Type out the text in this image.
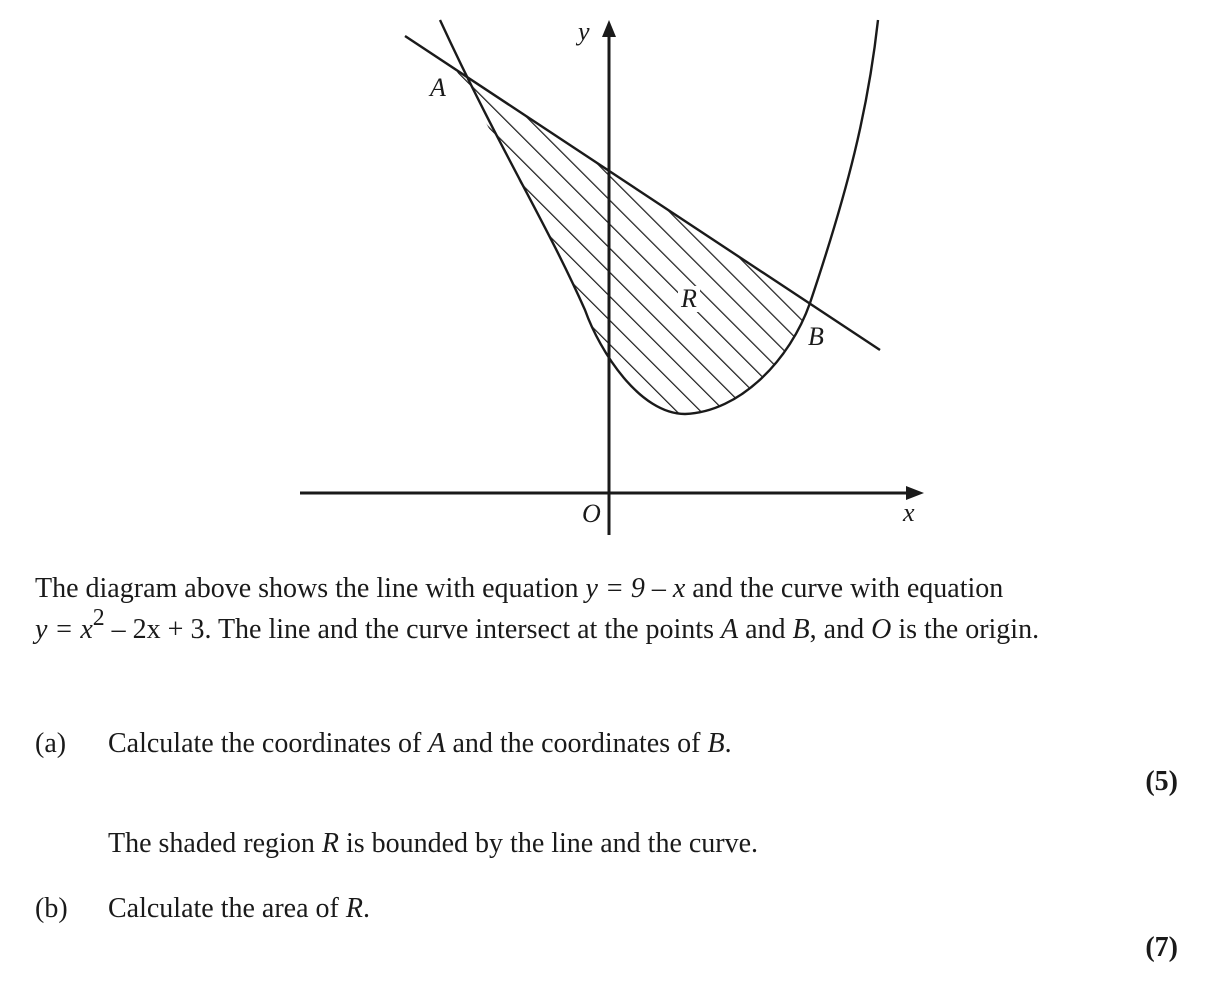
y
x
O
A
B
R
The diagram above shows the line with equation y = 9 – x and the curve with equation
$y = x^2 - 2x + 3$. The line and the curve intersect at the points A and B, and O is the origin.
(a) Calculate the coordinates of A and the coordinates of B.
(5)
The shaded region R is bounded by the line and the curve.
(b) Calculate the area of R.
(7)
